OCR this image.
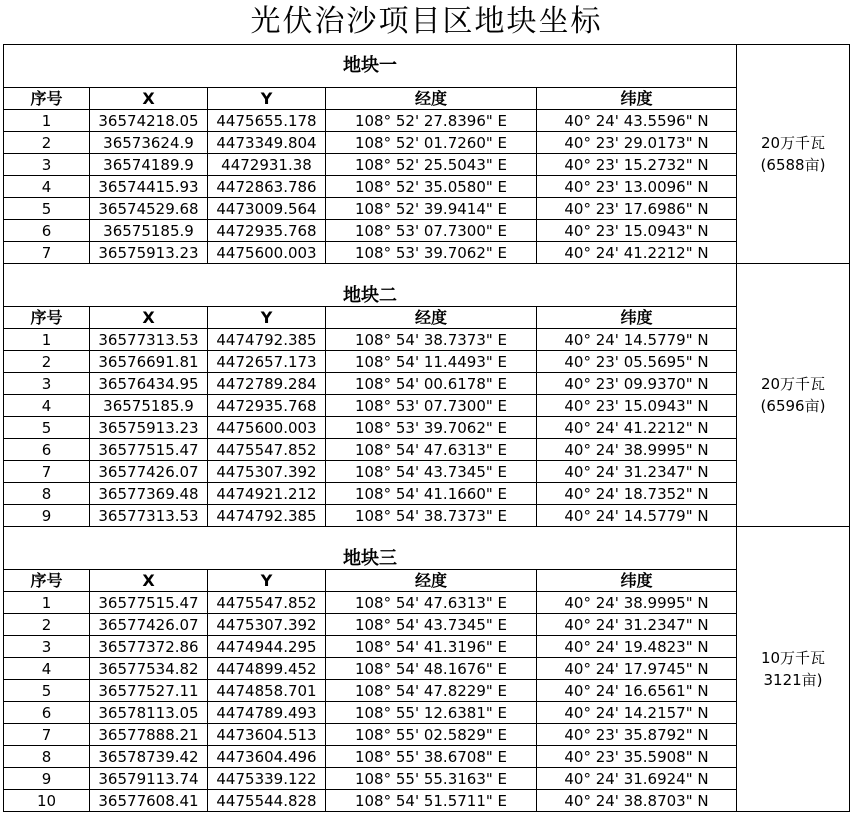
光伏治沙项目区地块坐标
地块一					20万千瓦
(6588亩)

序号	X	Y	经度	纬度	
1	36574218.05	4475655.178	108° 52' 27.8396" E	40° 24' 43.5596" N	
2	36573624.9	4473349.804	108° 52' 01.7260" E	40° 23' 29.0173" N	
3	36574189.9	4472931.38	108° 52' 25.5043" E	40° 23' 15.2732" N	
4	36574415.93	4472863.786	108° 52' 35.0580" E	40° 23' 13.0096" N	
5	36574529.68	4473009.564	108° 52' 39.9414" E	40° 23' 17.6986" N	
6	36575185.9	4472935.768	108° 53' 07.7300" E	40° 23' 15.0943" N	
7	36575913.23	4475600.003	108° 53' 39.7062" E	40° 24' 41.2212" N	
地块二					20万千瓦
(6596亩)

序号	X	Y	经度	纬度	
1	36577313.53	4474792.385	108° 54' 38.7373" E	40° 24' 14.5779" N	
2	36576691.81	4472657.173	108° 54' 11.4493" E	40° 23' 05.5695" N	
3	36576434.95	4472789.284	108° 54' 00.6178" E	40° 23' 09.9370" N	
4	36575185.9	4472935.768	108° 53' 07.7300" E	40° 23' 15.0943" N	
5	36575913.23	4475600.003	108° 53' 39.7062" E	40° 24' 41.2212" N	
6	36577515.47	4475547.852	108° 54' 47.6313" E	40° 24' 38.9995" N	
7	36577426.07	4475307.392	108° 54' 43.7345" E	40° 24' 31.2347" N	
8	36577369.48	4474921.212	108° 54' 41.1660" E	40° 24' 18.7352" N	
9	36577313.53	4474792.385	108° 54' 38.7373" E	40° 24' 14.5779" N	
地块三					10万千瓦
3121亩)

序号	X	Y	经度	纬度	
1	36577515.47	4475547.852	108° 54' 47.6313" E	40° 24' 38.9995" N	
2	36577426.07	4475307.392	108° 54' 43.7345" E	40° 24' 31.2347" N	
3	36577372.86	4474944.295	108° 54' 41.3196" E	40° 24' 19.4823" N	
4	36577534.82	4474899.452	108° 54' 48.1676" E	40° 24' 17.9745" N	
5	36577527.11	4474858.701	108° 54' 47.8229" E	40° 24' 16.6561" N	
6	36578113.05	4474789.493	108° 55' 12.6381" E	40° 24' 14.2157" N	
7	36577888.21	4473604.513	108° 55' 02.5829" E	40° 23' 35.8792" N	
8	36578739.42	4473604.496	108° 55' 38.6708" E	40° 23' 35.5908" N	
9	36579113.74	4475339.122	108° 55' 55.3163" E	40° 24' 31.6924" N	
10	36577608.41	4475544.828	108° 54' 51.5711" E	40° 24' 38.8703" N	
